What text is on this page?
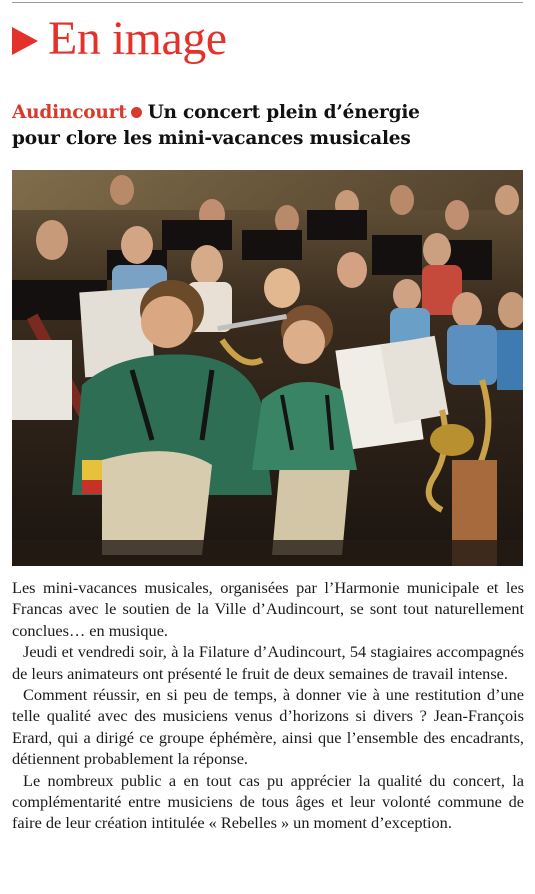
En image
Audincourt Un concert plein d’énergie
pour clore les mini-vacances musicales

Les mini-vacances musicales, organisées par l’Harmonie municipale et les Francas avec le soutien de la Ville d’Audincourt, se sont tout naturellement conclues… en musique.

Jeudi et vendredi soir, à la Filature d’Audincourt, 54 stagiaires accompagnés de leurs animateurs ont présenté le fruit de deux semaines de travail intense.

Comment réussir, en si peu de temps, à donner vie à une restitution d’une telle qualité avec des musiciens venus d’horizons si divers ? Jean-François Erard, qui a dirigé ce groupe éphémère, ainsi que l’ensemble des encadrants, détiennent probablement la réponse.

Le nombreux public a en tout cas pu apprécier la qualité du concert, la complémentarité entre musiciens de tous âges et leur volonté commune de faire de leur création intitulée « Rebelles » un moment d’exception.
